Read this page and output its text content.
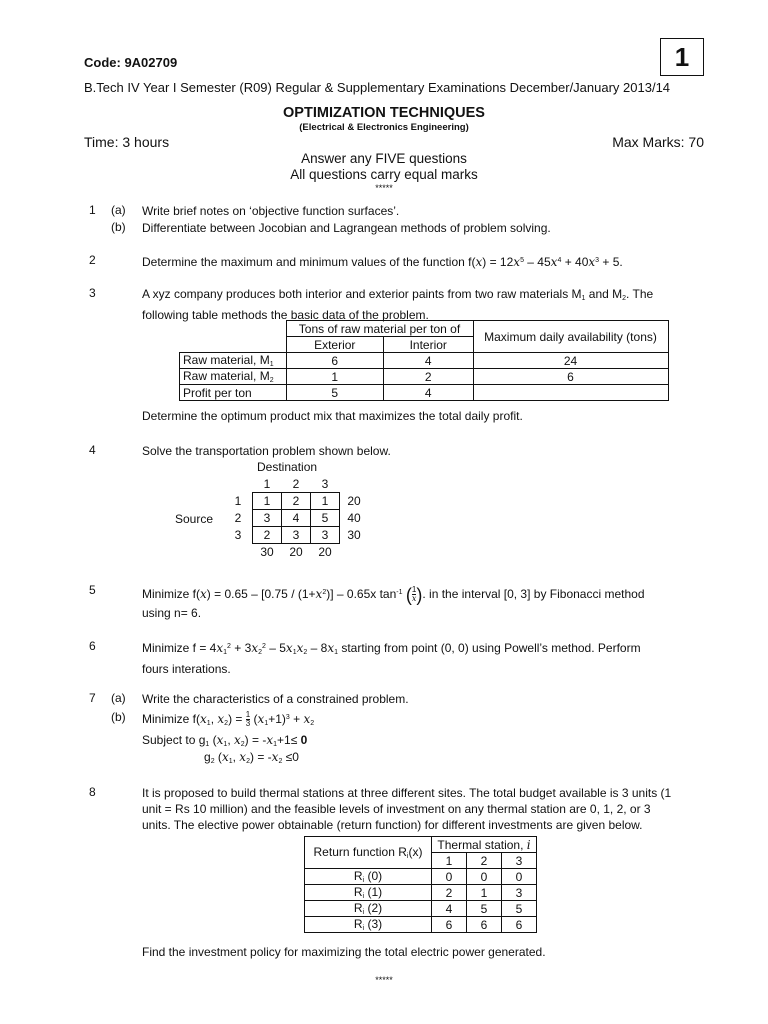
Code: 9A02709	1
B.Tech IV Year I Semester (R09) Regular & Supplementary Examinations December/January 2013/14
OPTIMIZATION TECHNIQUES
(Electrical & Electronics Engineering)
Time: 3 hours	Max Marks: 70
Answer any FIVE questions
All questions carry equal marks
*****
1 (a) Write brief notes on ‘objective function surfaces’.
(b) Differentiate between Jocobian and Lagrangean methods of problem solving.
2	Determine the maximum and minimum values of the function $f(x) = 12x^5 - 45x^4 + 40x^3 + 5$.
3	A xyz company produces both interior and exterior paints from two raw materials $M_1$ and $M_2$. The
following table methods the basic data of the problem.
	Tons of raw material per ton of		Maximum daily availability (tons)
	Exterior	Interior	
Raw material, $M_1$	6	4	24
Raw material, $M_2$	1	2	6
Profit per ton	5	4	
Determine the optimum product mix that maximizes the total daily profit.
4	Solve the transportation problem shown below.
Destination
Source
	1	2	3	
1	1	2	1	20
2	3	4	5	40
3	2	3	3	30
	30	20	20	
5	Minimize $f(x) = 0.65 - [0.75 / (1+x^2)] - 0.65x$ $\tan^{-1}$ ( $\frac{1}{x}$ ). in the interval [0, 3] by Fibonacci method
using n= 6.
6	Minimize $f = 4x_1^2 + 3x_2^2 - 5x_1x_2 - 8x_1$ starting from point (0, 0) using Powell’s method. Perform
fours interations.
7 (a) Write the characteristics of a constrained problem.
(b) Minimize $f(x_1$, $x_2) = \frac{1}{3} (x_1+1)^3 + x_2$
Subject to $g_1$ ($x_1$, $x_2) = -x_1+1\le 0$
$g_2$ ($x_1$, $x_2) = -x_2 \le 0$
8	It is proposed to build thermal stations at three different sites. The total budget available is 3 units (1
unit = Rs 10 million) and the feasible levels of investment on any thermal station are 0, 1, 2, or 3
units. The elective power obtainable (return function) for different investments are given below.
Return function $R_i(x)$	Thermal station, i		
	1	2	3
$R_i$ (0)	0	0	0
$R_i$ (1)	2	1	3
$R_i$ (2)	4	5	5
$R_i$ (3)	6	6	6
Find the investment policy for maximizing the total electric power generated.
*****
